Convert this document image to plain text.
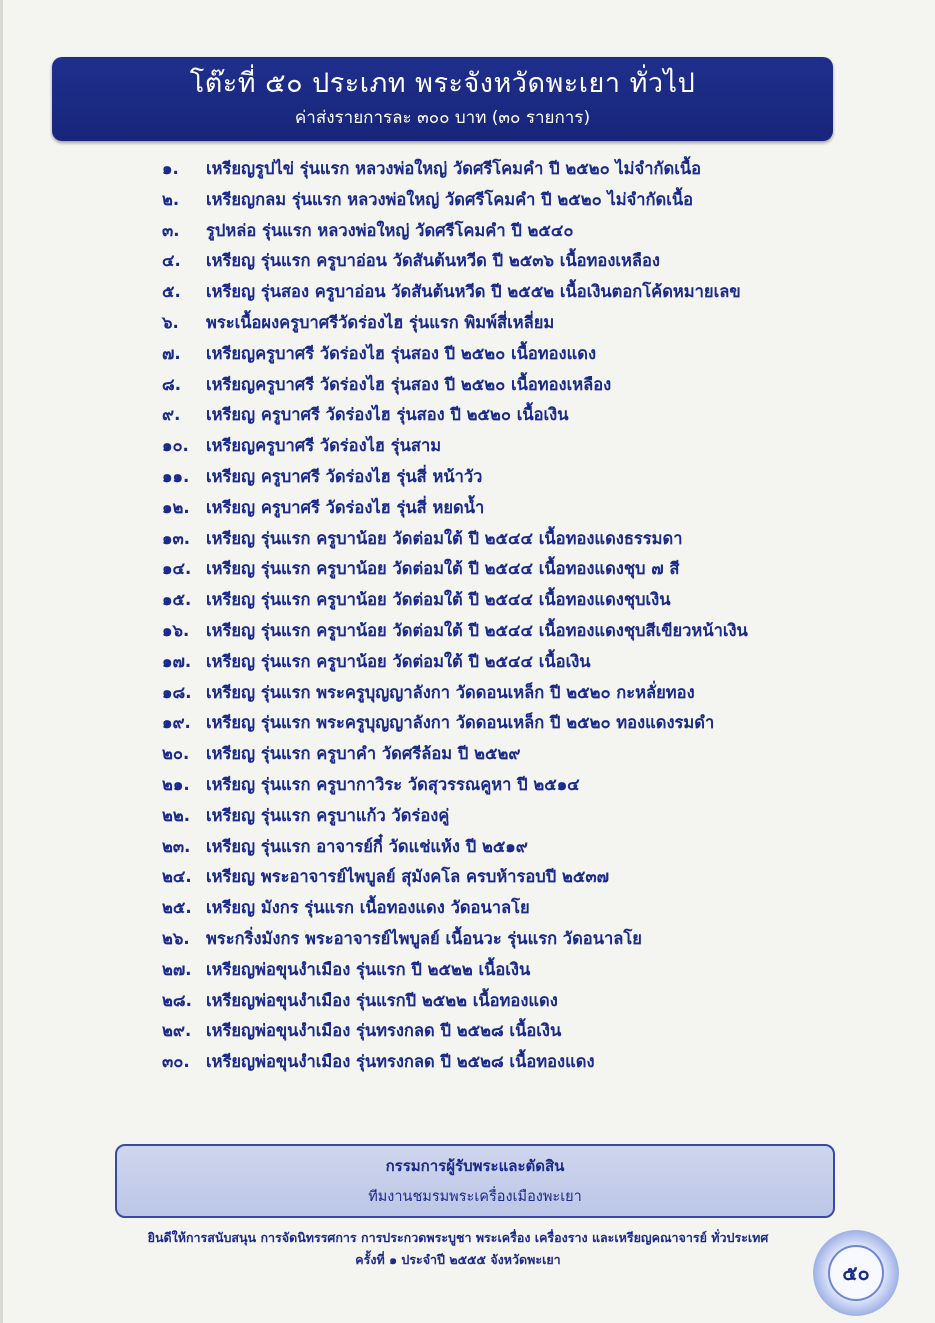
โต๊ะที่ ๕๐ ประเภท พระจังหวัดพะเยา ทั่วไป
ค่าส่งรายการละ ๓๐๐ บาท (๓๐ รายการ)
๑. เหรียญรูปไข่ รุ่นแรก หลวงพ่อใหญ่ วัดศรีโคมคำ ปี ๒๕๒๐ ไม่จำกัดเนื้อ
๒. เหรียญกลม รุ่นแรก หลวงพ่อใหญ่ วัดศรีโคมคำ ปี ๒๕๒๐ ไม่จำกัดเนื้อ
๓. รูปหล่อ รุ่นแรก หลวงพ่อใหญ่ วัดศรีโคมคำ ปี ๒๕๔๐
๔. เหรียญ รุ่นแรก ครูบาอ่อน วัดสันต้นหวีด ปี ๒๕๓๖ เนื้อทองเหลือง
๕. เหรียญ รุ่นสอง ครูบาอ่อน วัดสันต้นหวีด ปี ๒๕๕๒ เนื้อเงินตอกโค้ดหมายเลข
๖. พระเนื้อผงครูบาศรีวัดร่องไฮ รุ่นแรก พิมพ์สี่เหลี่ยม
๗. เหรียญครูบาศรี วัดร่องไฮ รุ่นสอง ปี ๒๕๒๐ เนื้อทองแดง
๘. เหรียญครูบาศรี วัดร่องไฮ รุ่นสอง ปี ๒๕๒๐ เนื้อทองเหลือง
๙. เหรียญ ครูบาศรี วัดร่องไฮ รุ่นสอง ปี ๒๕๒๐ เนื้อเงิน
๑๐. เหรียญครูบาศรี วัดร่องไฮ รุ่นสาม
๑๑. เหรียญ ครูบาศรี วัดร่องไฮ รุ่นสี่ หน้าวัว
๑๒. เหรียญ ครูบาศรี วัดร่องไฮ รุ่นสี่ หยดน้ำ
๑๓. เหรียญ รุ่นแรก ครูบาน้อย วัดต่อมใต้ ปี ๒๕๔๔ เนื้อทองแดงธรรมดา
๑๔. เหรียญ รุ่นแรก ครูบาน้อย วัดต่อมใต้ ปี ๒๕๔๔ เนื้อทองแดงชุบ ๗ สี
๑๕. เหรียญ รุ่นแรก ครูบาน้อย วัดต่อมใต้ ปี ๒๕๔๔ เนื้อทองแดงชุบเงิน
๑๖. เหรียญ รุ่นแรก ครูบาน้อย วัดต่อมใต้ ปี ๒๕๔๔ เนื้อทองแดงชุบสีเขียวหน้าเงิน
๑๗. เหรียญ รุ่นแรก ครูบาน้อย วัดต่อมใต้ ปี ๒๕๔๔ เนื้อเงิน
๑๘. เหรียญ รุ่นแรก พระครูบุญญาลังกา วัดดอนเหล็ก ปี ๒๕๒๐ กะหลั่ยทอง
๑๙. เหรียญ รุ่นแรก พระครูบุญญาลังกา วัดดอนเหล็ก ปี ๒๕๒๐ ทองแดงรมดำ
๒๐. เหรียญ รุ่นแรก ครูบาคำ วัดศรีล้อม ปี ๒๕๒๙
๒๑. เหรียญ รุ่นแรก ครูบากาวิระ วัดสุวรรณคูหา ปี ๒๕๑๔
๒๒. เหรียญ รุ่นแรก ครูบาแก้ว วัดร่องคู่
๒๓. เหรียญ รุ่นแรก อาจารย์กี๋ วัดแช่แห้ง ปี ๒๕๑๙
๒๔. เหรียญ พระอาจารย์ไพบูลย์ สุมังคโล ครบห้ารอบปี ๒๕๓๗
๒๕. เหรียญ มังกร รุ่นแรก เนื้อทองแดง วัดอนาลโย
๒๖. พระกริ่งมังกร พระอาจารย์ไพบูลย์ เนื้อนวะ รุ่นแรก วัดอนาลโย
๒๗. เหรียญพ่อขุนงำเมือง รุ่นแรก ปี ๒๕๒๒ เนื้อเงิน
๒๘. เหรียญพ่อขุนงำเมือง รุ่นแรกปี ๒๕๒๒ เนื้อทองแดง
๒๙. เหรียญพ่อขุนงำเมือง รุ่นทรงกลด ปี ๒๕๒๘ เนื้อเงิน
๓๐. เหรียญพ่อขุนงำเมือง รุ่นทรงกลด ปี ๒๕๒๘ เนื้อทองแดง
กรรมการผู้รับพระและตัดสิน
ทีมงานชมรมพระเครื่องเมืองพะเยา
ยินดีให้การสนับสนุน การจัดนิทรรศการ การประกวดพระบูชา พระเครื่อง เครื่องราง และเหรียญคณาจารย์ ทั่วประเทศ
ครั้งที่ ๑ ประจำปี ๒๕๕๕ จังหวัดพะเยา
๕๐
